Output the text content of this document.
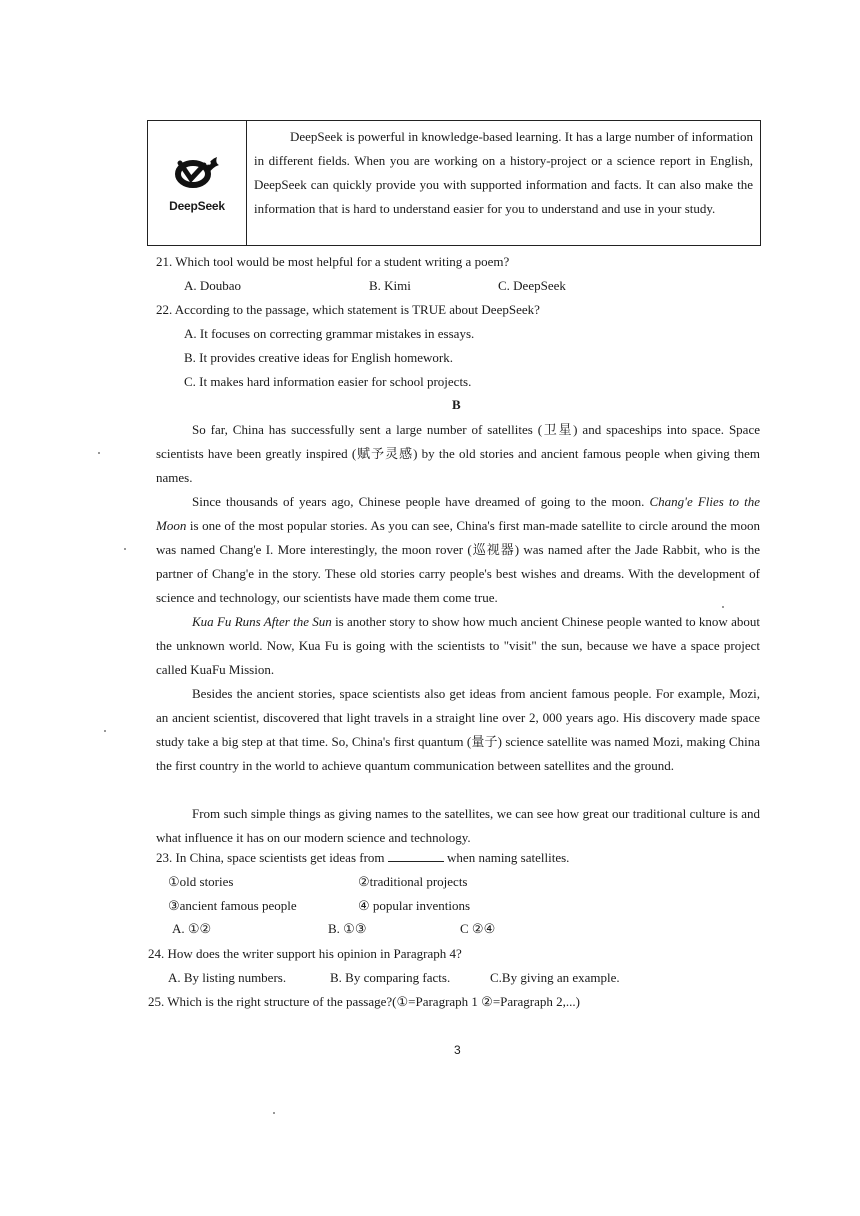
DeepSeek
DeepSeek is powerful in knowledge-based learning. It has a large number of information in different fields. When you are working on a history-project or a science report in English, DeepSeek can quickly provide you with supported information and facts. It can also make the information that is hard to understand easier for you to understand and use in your study.
21. Which tool would be most helpful for a student writing a poem?
A. Doubao	B. Kimi	C. DeepSeek
22. According to the passage, which statement is TRUE about DeepSeek?
A. It focuses on correcting grammar mistakes in essays.
B. It provides creative ideas for English homework.
C. It makes hard information easier for school projects.
B
So far, China has successfully sent a large number of satellites (卫星) and spaceships into space. Space scientists have been greatly inspired (赋予灵感) by the old stories and ancient famous people when giving them names.
Since thousands of years ago, Chinese people have dreamed of going to the moon. Chang'e Flies to the Moon is one of the most popular stories. As you can see, China's first man-made satellite to circle around the moon was named Chang'e I. More interestingly, the moon rover (巡视器) was named after the Jade Rabbit, who is the partner of Chang'e in the story. These old stories carry people's best wishes and dreams. With the development of science and technology, our scientists have made them come true.
Kua Fu Runs After the Sun is another story to show how much ancient Chinese people wanted to know about the unknown world. Now, Kua Fu is going with the scientists to "visit" the sun, because we have a space project called KuaFu Mission.
Besides the ancient stories, space scientists also get ideas from ancient famous people. For example, Mozi, an ancient scientist, discovered that light travels in a straight line over 2, 000 years ago. His discovery made space study take a big step at that time. So, China's first quantum (量子) science satellite was named Mozi, making China the first country in the world to achieve quantum communication between satellites and the ground.
From such simple things as giving names to the satellites, we can see how great our traditional culture is and what influence it has on our modern science and technology.
23. In China, space scientists get ideas from	when naming satellites.
①old stories	②traditional projects
③ancient famous people	④ popular inventions
A. ①②	B. ①③	C ②④
24. How does the writer support his opinion in Paragraph 4?
A. By listing numbers.	B. By comparing facts.	C.By giving an example.
25. Which is the right structure of the passage?(①=Paragraph 1 ②=Paragraph 2,...)
3
